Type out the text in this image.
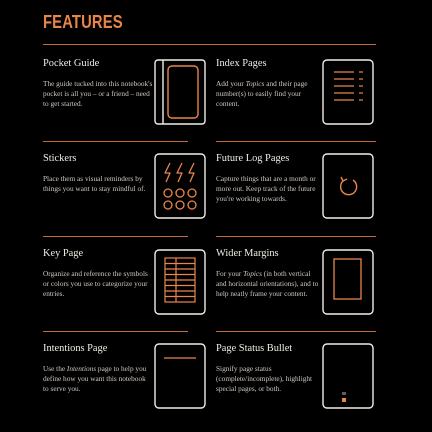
FEATURES
Pocket Guide

The guide tucked into this notebook's pocket is all you – or a friend – need to get started.

Index Pages

Add your Topics and their page number(s) to easily find your content.

Stickers

Place them as visual reminders by things you want to stay mindful of.

Future Log Pages

Capture things that are a month or more out. Keep track of the future you're working towards.

Key Page

Organize and reference the symbols or colors you use to categorize your entries.

Wider Margins

For your Topics (in both vertical and horizontal orientations), and to help neatly frame your content.

Intentions Page

Use the Intentions page to help you define how you want this notebook to serve you.

Page Status Bullet

Signify page status (complete/incomplete), highlight special pages, or both.
